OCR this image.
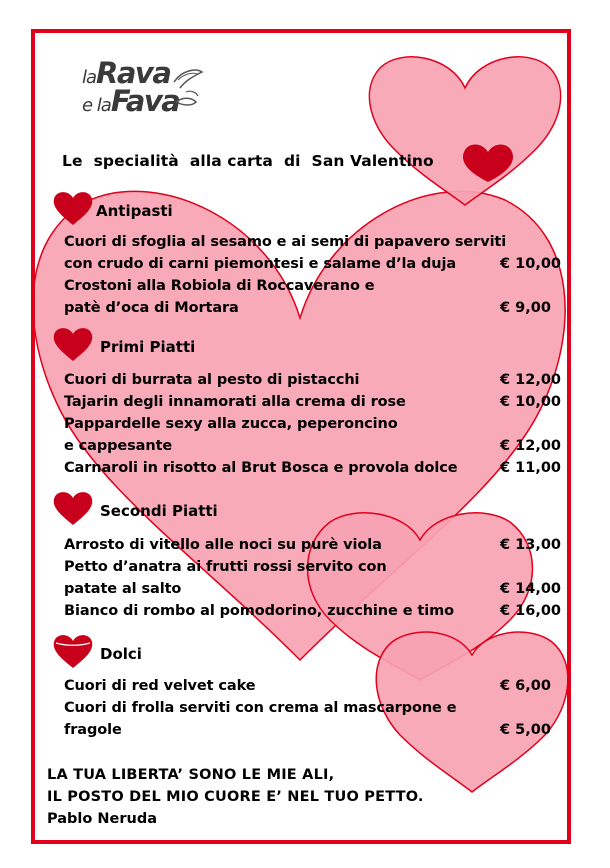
laRava
e laFava
Le  specialità  alla carta  di  San Valentino
Antipasti
Cuori di sfoglia al sesamo e ai semi di papavero serviti
con crudo di carni piemontesi e salame d’la duja	€ 10,00
Crostoni alla Robiola di Roccaverano e
patè d’oca di Mortara	€ 9,00
Primi Piatti
Cuori di burrata al pesto di pistacchi	€ 12,00
Tajarin degli innamorati alla crema di rose	€ 10,00
Pappardelle sexy alla zucca, peperoncino
e cappesante	€ 12,00
Carnaroli in risotto al Brut Bosca e provola dolce	€ 11,00
Secondi Piatti
Arrosto di vitello alle noci su purè viola	€ 13,00
Petto d’anatra ai frutti rossi servito con
patate al salto	€ 14,00
Bianco di rombo al pomodorino, zucchine e timo	€ 16,00
Dolci
Cuori di red velvet cake	€ 6,00
Cuori di frolla serviti con crema al mascarpone e
fragole	€ 5,00
LA TUA LIBERTA’ SONO LE MIE ALI,
IL POSTO DEL MIO CUORE E’ NEL TUO PETTO.
Pablo Neruda
